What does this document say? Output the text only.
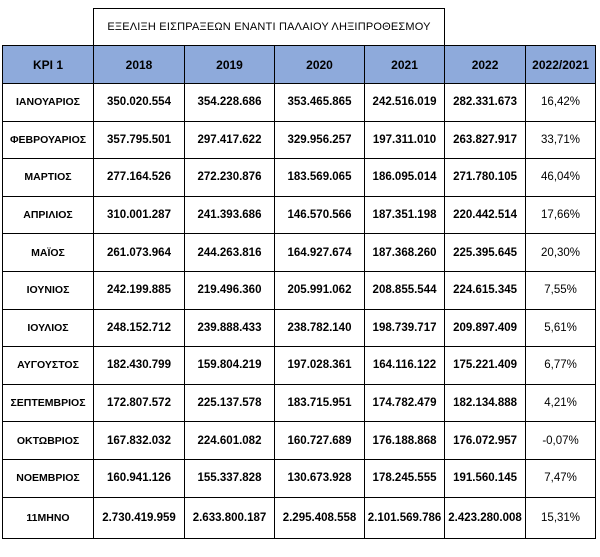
	ΕΞΕΛΙΞΗ ΕΙΣΠΡΑΞΕΩΝ ΕΝΑΝΤΙ ΠΑΛΑΙΟΥ ΛΗΞΙΠΡΟΘΕΣΜΟΥ					
ΚΡΙ 1	2018	2019	2020	2021	2022	2022/2021
ΙΑΝΟΥΑΡΙΟΣ	350.020.554	354.228.686	353.465.865	242.516.019	282.331.673	16,42%
ΦΕΒΡΟΥΑΡΙΟΣ	357.795.501	297.417.622	329.956.257	197.311.010	263.827.917	33,71%
ΜΑΡΤΙΟΣ	277.164.526	272.230.876	183.569.065	186.095.014	271.780.105	46,04%
ΑΠΡΙΛΙΟΣ	310.001.287	241.393.686	146.570.566	187.351.198	220.442.514	17,66%
ΜΑΪΟΣ	261.073.964	244.263.816	164.927.674	187.368.260	225.395.645	20,30%
ΙΟΥΝΙΟΣ	242.199.885	219.496.360	205.991.062	208.855.544	224.615.345	7,55%
ΙΟΥΛΙΟΣ	248.152.712	239.888.433	238.782.140	198.739.717	209.897.409	5,61%
ΑΥΓΟΥΣΤΟΣ	182.430.799	159.804.219	197.028.361	164.116.122	175.221.409	6,77%
ΣΕΠΤΕΜΒΡΙΟΣ	172.807.572	225.137.578	183.715.951	174.782.479	182.134.888	4,21%
ΟΚΤΩΒΡΙΟΣ	167.832.032	224.601.082	160.727.689	176.188.868	176.072.957	-0,07%
ΝΟΕΜΒΡΙΟΣ	160.941.126	155.337.828	130.673.928	178.245.555	191.560.145	7,47%
11ΜΗΝΟ	2.730.419.959	2.633.800.187	2.295.408.558	2.101.569.786	2.423.280.008	15,31%
